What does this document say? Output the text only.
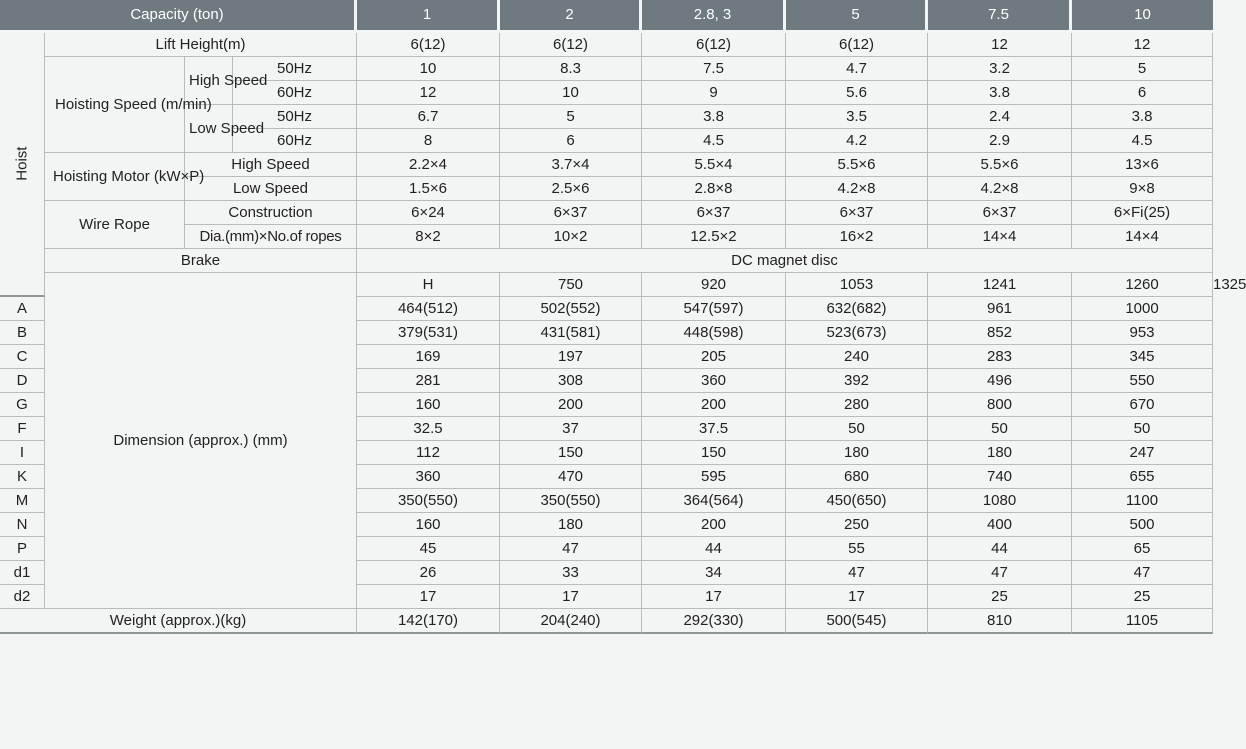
Capacity (ton)				1	2	2.8, 3	5	7.5	10	
Hoist	Lift Height(m)			6(12)	6(12)	6(12)	6(12)	12	12	
	Hoisting Speed (m/min)	High Speed	50Hz	10	8.3	7.5	4.7	3.2	5	
			60Hz	12	10	9	5.6	3.8	6	
		Low Speed	50Hz	6.7	5	3.8	3.5	2.4	3.8	
			60Hz	8	6	4.5	4.2	2.9	4.5	
	Hoisting Motor (kW×P)	High Speed		2.2×4	3.7×4	5.5×4	5.5×6	5.5×6	13×6	
		Low Speed		1.5×6	2.5×6	2.8×8	4.2×8	4.2×8	9×8	
	Wire Rope	Construction		6×24	6×37	6×37	6×37	6×37	6×Fi(25)	
		Dia.(mm)×No.of ropes		8×2	10×2	12.5×2	16×2	14×4	14×4	
	Brake			DC magnet disc						
	Dimension (approx.) (mm)			H	750	920	1053	1241	1260	1325
A				464(512)	502(552)	547(597)	632(682)	961	1000	
B				379(531)	431(581)	448(598)	523(673)	852	953	
C				169	197	205	240	283	345	
D				281	308	360	392	496	550	
G				160	200	200	280	800	670	
F				32.5	37	37.5	50	50	50	
I				112	150	150	180	180	247	
K				360	470	595	680	740	655	
M				350(550)	350(550)	364(564)	450(650)	1080	1100	
N				160	180	200	250	400	500	
P				45	47	44	55	44	65	
d1				26	33	34	47	47	47	
d2				17	17	17	17	25	25	
Weight (approx.)(kg)				142(170)	204(240)	292(330)	500(545)	810	1105	
